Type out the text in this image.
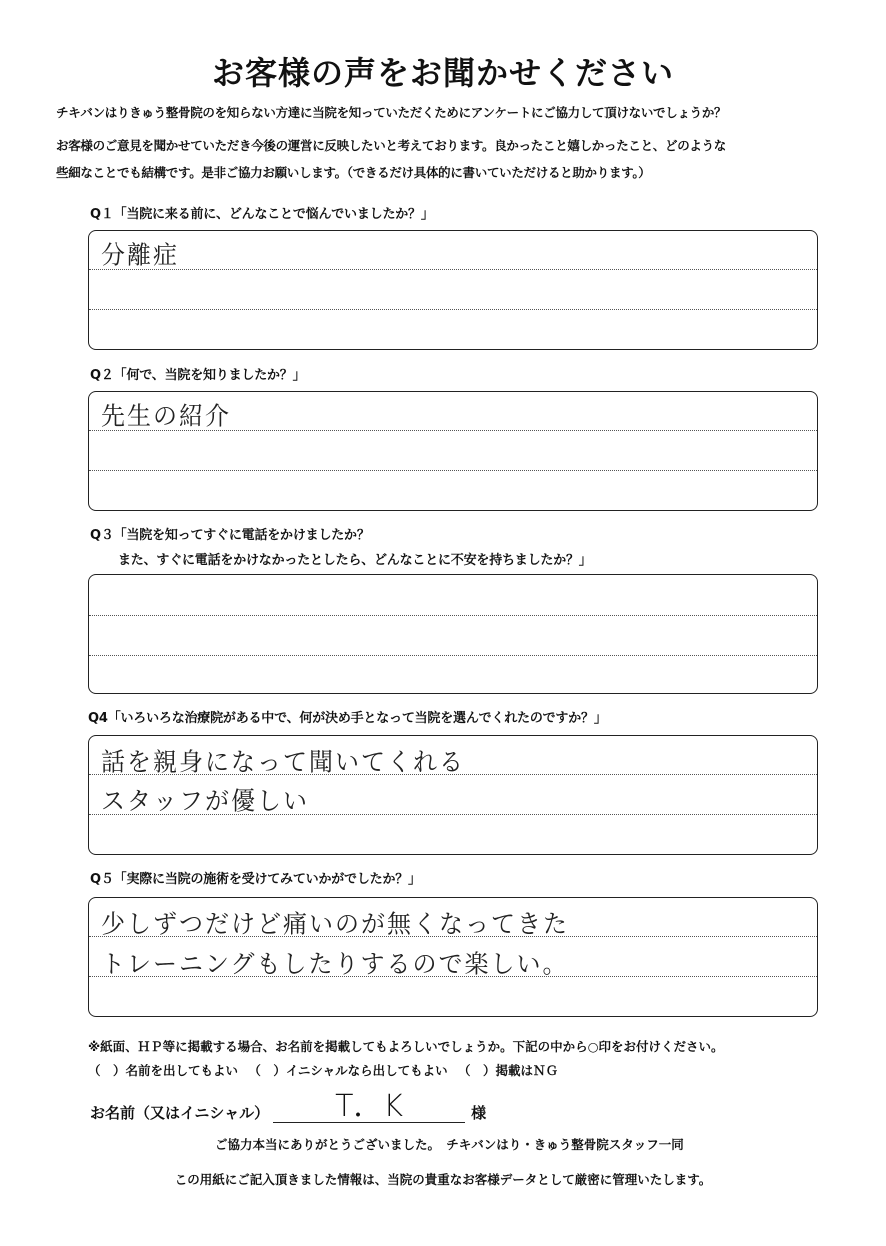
お客様の声をお聞かせください
チキバンはりきゅう整骨院のを知らない方達に当院を知っていただくためにアンケートにご協力して頂けないでしょうか？
お客様のご意見を聞かせていただき今後の運営に反映したいと考えております。良かったこと嬉しかったこと、どのような
些細なことでも結構です。是非ご協力お願いします。（できるだけ具体的に書いていただけると助かります。）
Q１「当院に来る前に、どんなことで悩んでいましたか？」
分離症
Q２「何で、当院を知りましたか？」
先生の紹介
Q３「当院を知ってすぐに電話をかけましたか？
また、すぐに電話をかけなかったとしたら、どんなことに不安を持ちましたか？」
Q4「いろいろな治療院がある中で、何が決め手となって当院を選んでくれたのですか？」
話を親身になって聞いてくれる
スタッフが優しい
Q５「実際に当院の施術を受けてみていかがでしたか？」
少しずつだけど痛いのが無くなってきた
トレーニングもしたりするので楽しい。
※紙面、ＨＰ等に掲載する場合、お名前を掲載してもよろしいでしょうか。下記の中から○印をお付けください。
（　）名前を出してもよい （　）イニシャルなら出してもよい （　）掲載はＮＧ
お名前（又はイニシャル）	T．K	様
ご協力本当にありがとうございました。　チキバンはり・きゅう整骨院スタッフ一同
この用紙にご記入頂きました情報は、当院の貴重なお客様データとして厳密に管理いたします。
